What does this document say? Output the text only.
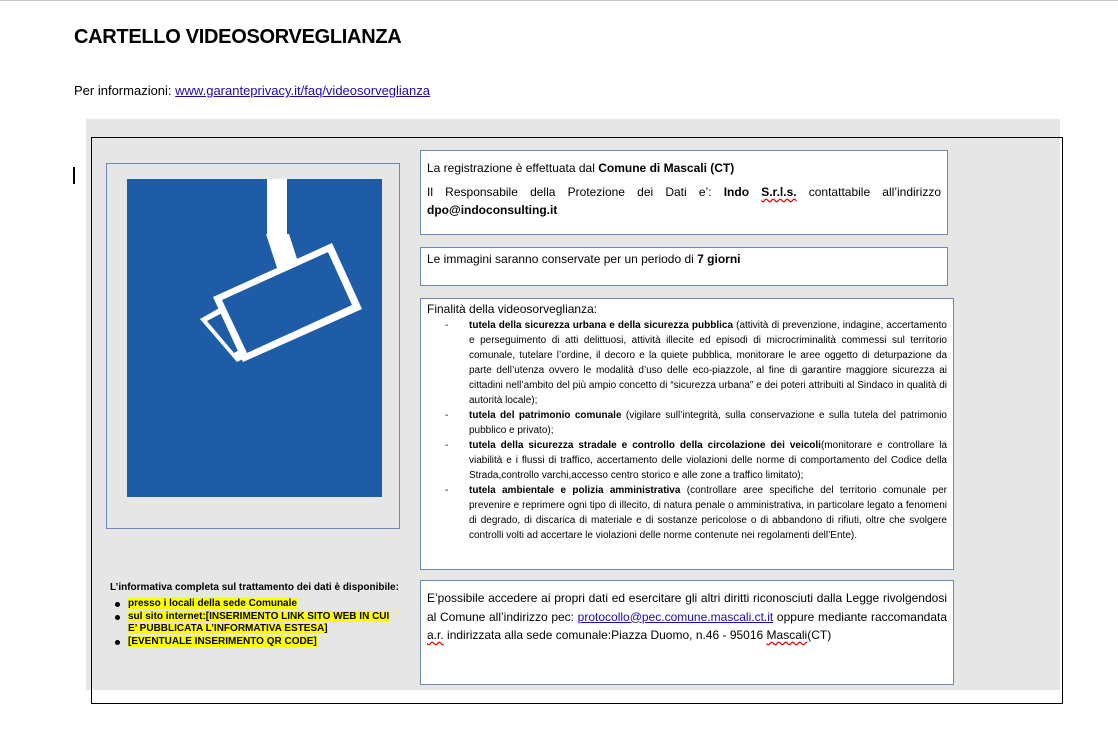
CARTELLO VIDEOSORVEGLIANZA
Per informazioni: www.garanteprivacy.it/faq/videosorveglianza

La registrazione è effettuata dal Comune di Mascali (CT)

Il Responsabile della Protezione dei Dati e’: Indo S.r.l.s. contattabile all’indirizzo dpo@indoconsulting.it

Le immagini saranno conservate per un periodo di 7 giorni
Finalità della videosorveglianza:
- tutela della sicurezza urbana e della sicurezza pubblica (attività di prevenzione, indagine, accertamento e perseguimento di atti delittuosi, attività illecite ed episodi di microcriminalità commessi sul territorio comunale, tutelare l’ordine, il decoro e la quiete pubblica, monitorare le aree oggetto di deturpazione da parte dell’utenza ovvero le modalità d’uso delle eco-piazzole, al fine di garantire maggiore sicurezza ai cittadini nell’ambito del più ampio concetto di “sicurezza urbana” e dei poteri attribuiti al Sindaco in qualità di autorità locale);
- tutela del patrimonio comunale (vigilare sull’integrità, sulla conservazione e sulla tutela del patrimonio pubblico e privato);
- tutela della sicurezza stradale e controllo della circolazione dei veicoli(monitorare e controllare la viabilità e i flussi di traffico, accertamento delle violazioni delle norme di comportamento del Codice della Strada,controllo varchi,accesso centro storico e alle zone a traffico limitato);
- tutela ambientale e polizia amministrativa (controllare aree specifiche del territorio comunale per prevenire e reprimere ogni tipo di illecito, di natura penale o amministrativa, in particolare legato a fenomeni di degrado, di discarica di materiale e di sostanze pericolose o di abbandono di rifiuti, oltre che svolgere controlli volti ad accertare le violazioni delle norme contenute nei regolamenti dell’Ente).
E’possibile accedere ai propri dati ed esercitare gli altri diritti riconosciuti dalla Legge rivolgendosi al Comune all’indirizzo pec: protocollo@pec.comune.mascali.ct.it oppure mediante raccomandata a.r. indirizzata alla sede comunale:Piazza Duomo, n.46 - 95016 Mascali(CT)
L’informativa completa sul trattamento dei dati è disponibile:
presso i locali della sede Comunale
sul sito internet:[INSERIMENTO LINK SITO WEB IN CUI E’ PUBBLICATA L’INFORMATIVA ESTESA]
[EVENTUALE INSERIMENTO QR CODE]
